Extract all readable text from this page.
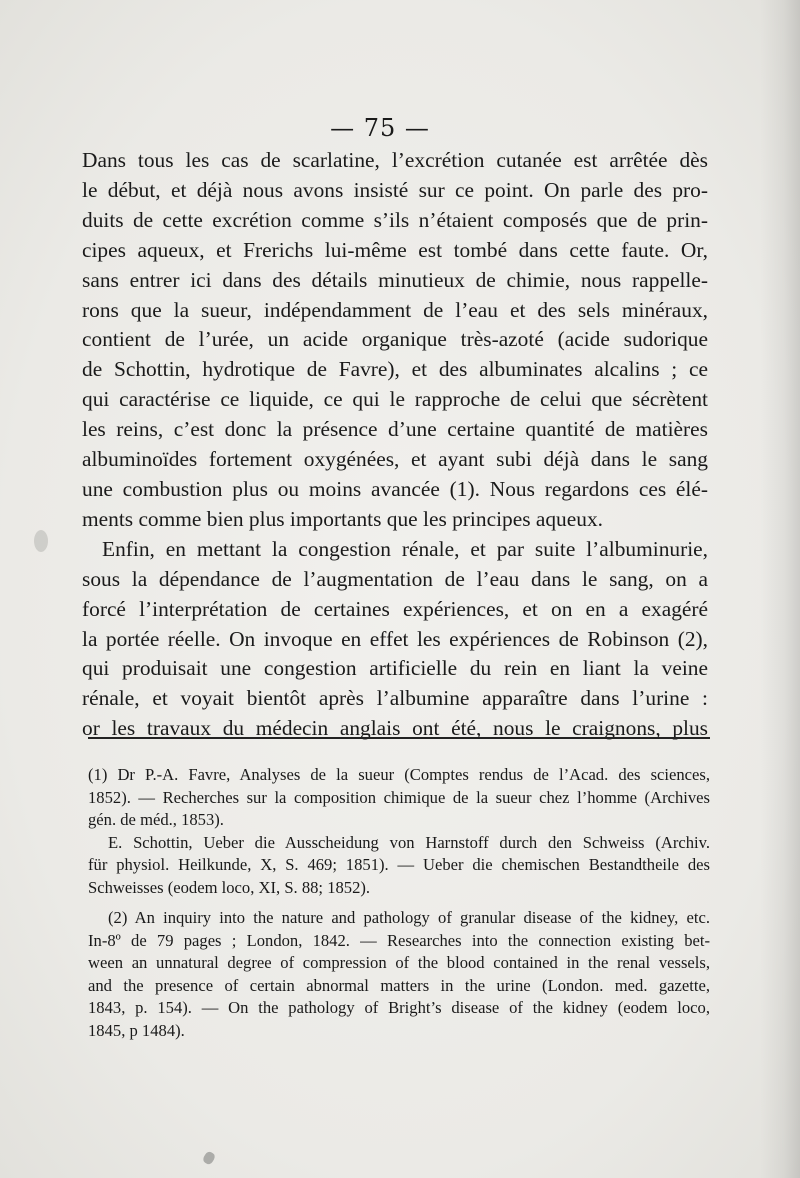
— 75 —

Dans tous les cas de scarlatine, l’excrétion cutanée est arrêtée dès
le début, et déjà nous avons insisté sur ce point. On parle des pro-
duits de cette excrétion comme s’ils n’étaient composés que de prin-
cipes aqueux, et Frerichs lui-même est tombé dans cette faute. Or,
sans entrer ici dans des détails minutieux de chimie, nous rappelle-
rons que la sueur, indépendamment de l’eau et des sels minéraux,
contient de l’urée, un acide organique très-azoté (acide sudorique
de Schottin, hydrotique de Favre), et des albuminates alcalins ; ce
qui caractérise ce liquide, ce qui le rapproche de celui que sécrètent
les reins, c’est donc la présence d’une certaine quantité de matières
albuminoïdes fortement oxygénées, et ayant subi déjà dans le sang
une combustion plus ou moins avancée (1). Nous regardons ces élé-
ments comme bien plus importants que les principes aqueux.

Enfin, en mettant la congestion rénale, et par suite l’albuminurie,
sous la dépendance de l’augmentation de l’eau dans le sang, on a
forcé l’interprétation de certaines expériences, et on en a exagéré
la portée réelle. On invoque en effet les expériences de Robinson (2),
qui produisait une congestion artificielle du rein en liant la veine
rénale, et voyait bientôt après l’albumine apparaître dans l’urine :
or les travaux du médecin anglais ont été, nous le craignons, plus

(1) Dr P.-A. Favre, Analyses de la sueur (Comptes rendus de l’Acad. des sciences,
1852). — Recherches sur la composition chimique de la sueur chez l’homme (Archives
gén. de méd., 1853).
E. Schottin, Ueber die Ausscheidung von Harnstoff durch den Schweiss (Archiv.
für physiol. Heilkunde, X, S. 469; 1851). — Ueber die chemischen Bestandtheile des
Schweisses (eodem loco, XI, S. 88; 1852).

(2) An inquiry into the nature and pathology of granular disease of the kidney, etc.
In-8º de 79 pages ; London, 1842. — Researches into the connection existing bet-
ween an unnatural degree of compression of the blood contained in the renal vessels,
and the presence of certain abnormal matters in the urine (London. med. gazette,
1843, p. 154). — On the pathology of Bright’s disease of the kidney (eodem loco,
1845, p 1484).
